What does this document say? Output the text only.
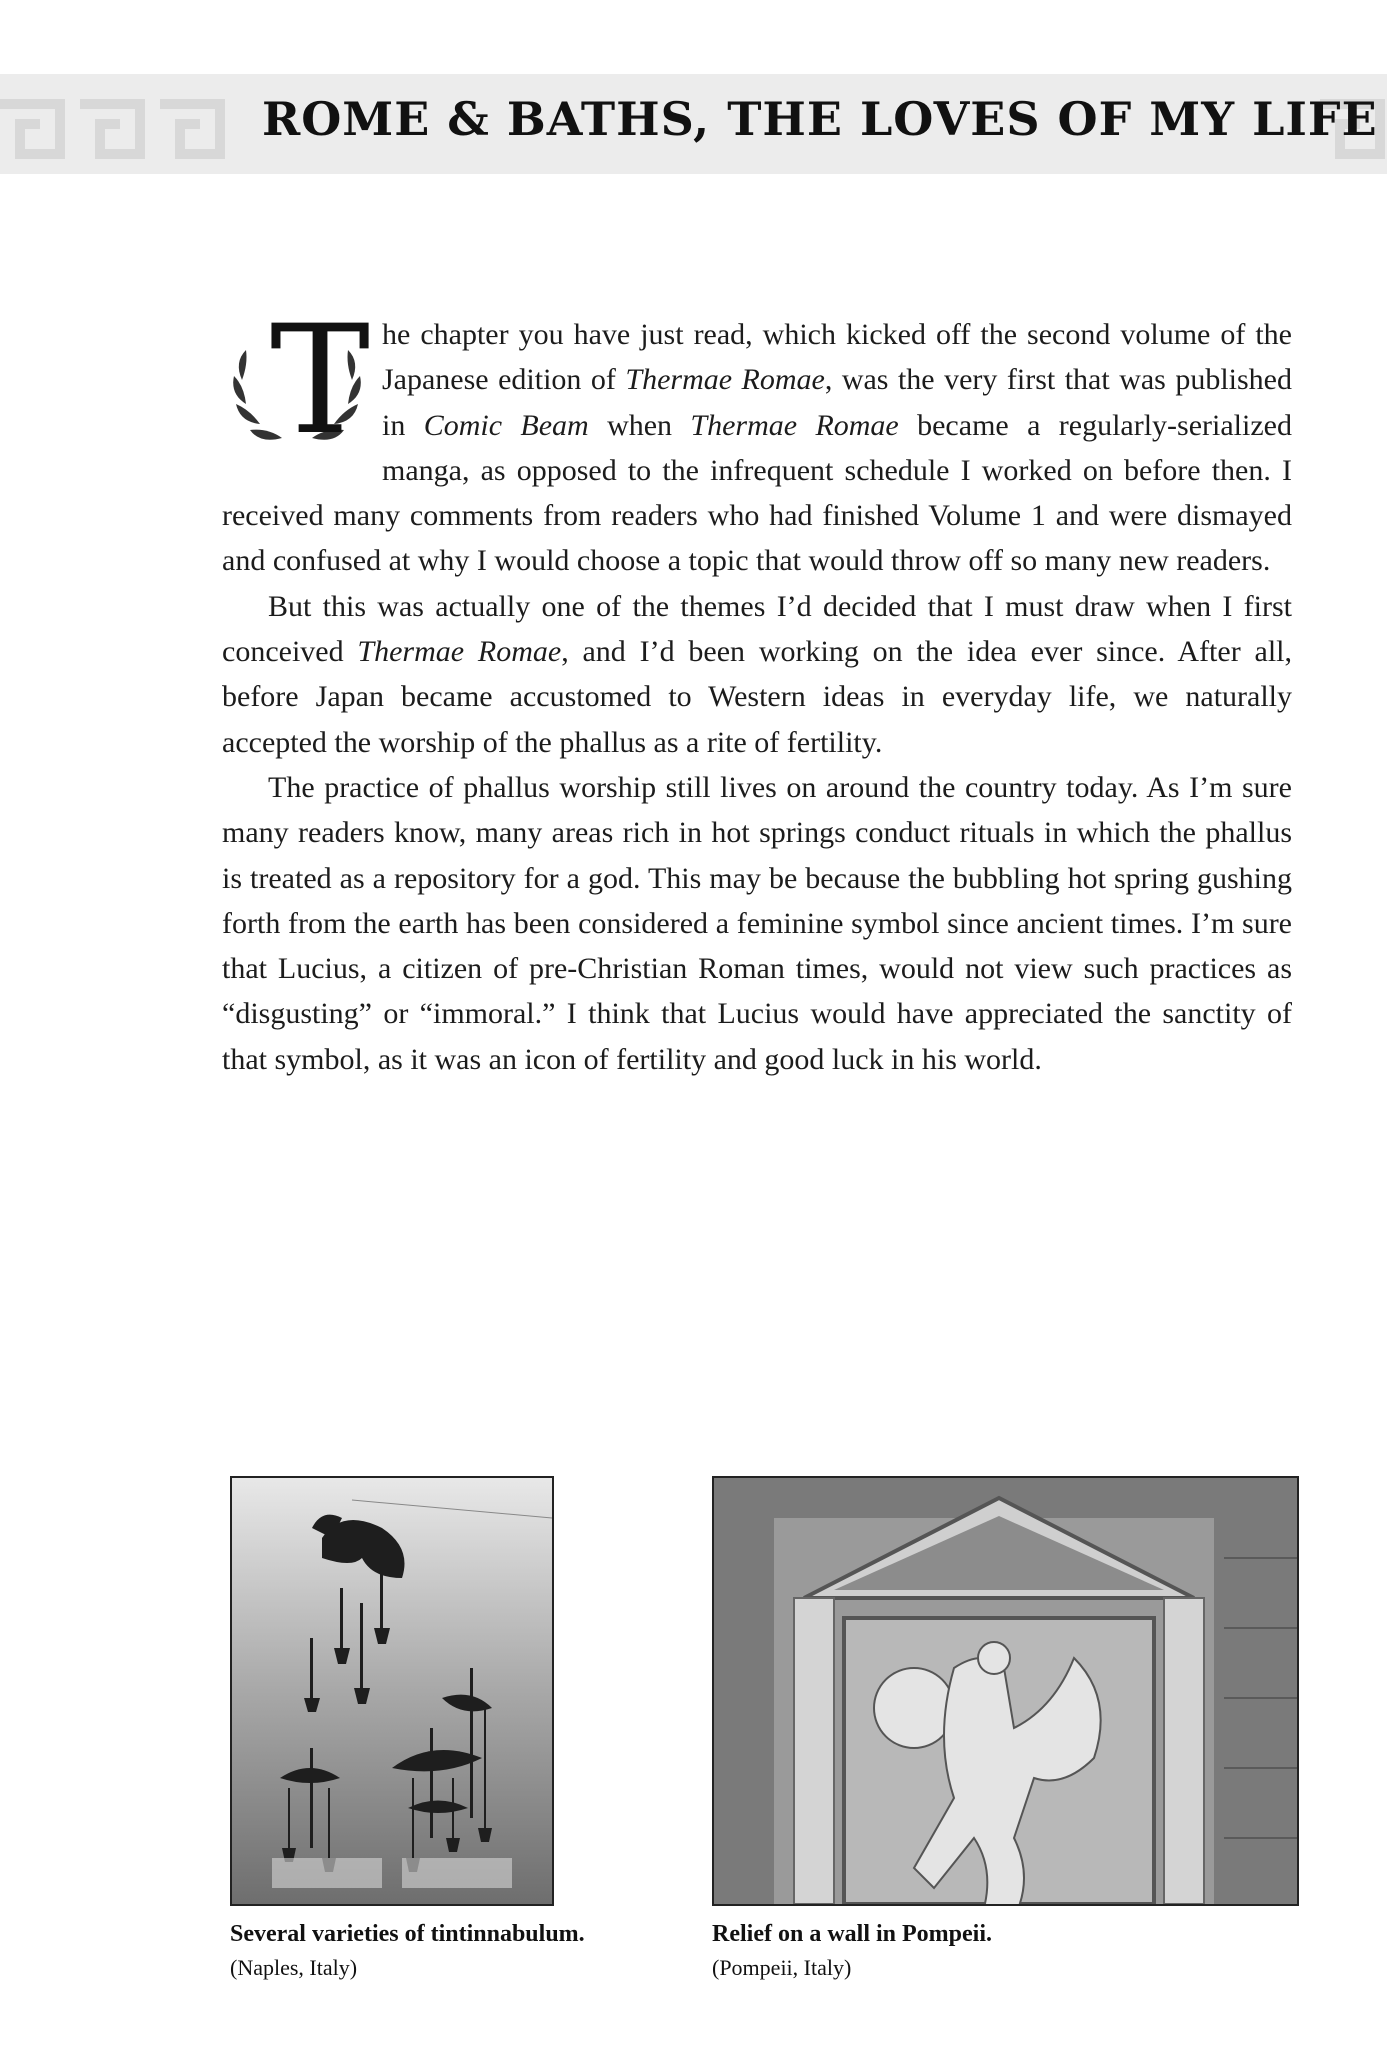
ROME & BATHS, THE LOVES OF MY LIFE
T he chapter you have just read, which kicked off the second volume of the Japanese edition of Thermae Romae, was the very first that was published in Comic Beam when Thermae Romae became a regularly-serialized manga, as opposed to the infrequent schedule I worked on before then. I received many comments from readers who had finished Volume 1 and were dismayed and confused at why I would choose a topic that would throw off so many new readers.

But this was actually one of the themes I’d decided that I must draw when I first conceived Thermae Romae, and I’d been working on the idea ever since. After all, before Japan became accustomed to Western ideas in everyday life, we naturally accepted the worship of the phallus as a rite of fertility.

The practice of phallus worship still lives on around the country today. As I’m sure many readers know, many areas rich in hot springs conduct rituals in which the phallus is treated as a repository for a god. This may be because the bubbling hot spring gushing forth from the earth has been considered a feminine symbol since ancient times. I’m sure that Lucius, a citizen of pre-Christian Roman times, would not view such practices as “disgusting” or “immoral.” I think that Lucius would have appreciated the sanctity of that symbol, as it was an icon of fertility and good luck in his world.

Several varieties of tintinnabulum. (Naples, Italy)
Relief on a wall in Pompeii.
(Pompeii, Italy)
